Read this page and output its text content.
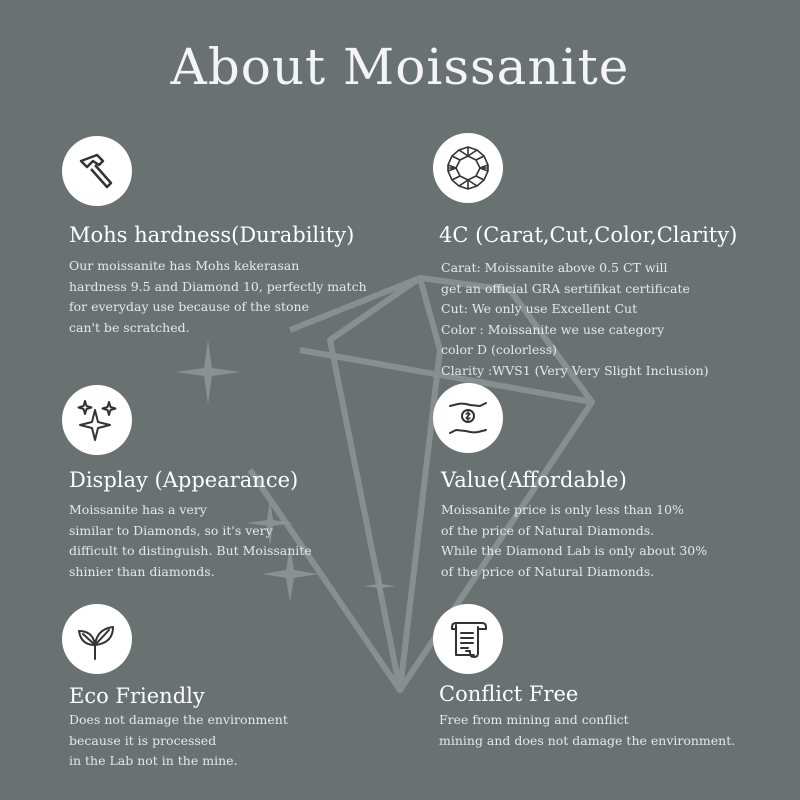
About Moissanite
Mohs hardness(Durability)
Our moissanite has Mohs kekerasan
hardness 9.5 and Diamond 10, perfectly match
for everyday use because of the stone
can't be scratched.
4C (Carat,Cut,Color,Clarity)
Carat: Moissanite above 0.5 CT will
get an official GRA sertifikat certificate
Cut: We only use Excellent Cut
Color : Moissanite we use category
color D (colorless)
Clarity :WVS1 (Very Very Slight Inclusion)
Display (Appearance)
Moissanite has a very
similar to Diamonds, so it's very
difficult to distinguish. But Moissanite
shinier than diamonds.
Value(Affordable)
Moissanite price is only less than 10%
of the price of Natural Diamonds.
While the Diamond Lab is only about 30%
of the price of Natural Diamonds.
Eco Friendly
Does not damage the environment
because it is processed
in the Lab not in the mine.
Conflict Free
Free from mining and conflict
mining and does not damage the environment.
